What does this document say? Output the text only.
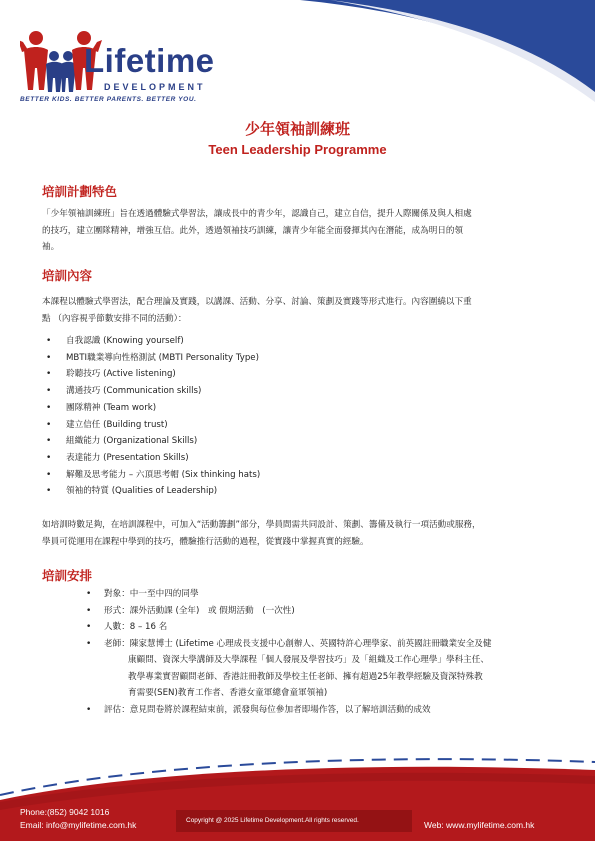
Lifetime
DEVELOPMENT
BETTER KIDS. BETTER PARENTS. BETTER YOU.
少年領袖訓練班
Teen Leadership Programme
培訓計劃特色
「少年領袖訓練班」旨在透過體驗式學習法，讓成長中的青少年，認識自己，建立自信，提升人際關係及與人相處
的技巧，建立團隊精神，增強互信。此外，透過領袖技巧訓練，讓青少年能全面發揮其內在潛能，成為明日的領
袖。
培訓內容
本課程以體驗式學習法，配合理論及實踐，以講課、活動、分享、討論、策劃及實踐等形式進行。內容圍繞以下重
點 （內容視乎節數安排不同的活動）：
• 自我認識 (Knowing yourself)
• MBTI職業導向性格測試 (MBTI Personality Type)
• 聆聽技巧 (Active listening)
• 溝通技巧 (Communication skills)
• 團隊精神 (Team work)
• 建立信任 (Building trust)
• 組織能力 (Organizational Skills)
• 表達能力 (Presentation Skills)
• 解難及思考能力 – 六頂思考帽 (Six thinking hats)
• 領袖的特質 (Qualities of Leadership)
如培訓時數足夠，在培訓課程中，可加入“活動籌劃”部分，學員間需共同設計、策劃、籌備及執行一項活動或服務，
學員可從運用在課程中學到的技巧，體驗推行活動的過程，從實踐中掌握真實的經驗。
培訓安排
• 對象：中一至中四的同學
• 形式：課外活動課 (全年)　或 假期活動　(一次性)
• 人數：8 – 16 名
• 老師：陳家慧博士 (Lifetime 心理成長支援中心創辦人、英國特許心理學家、前英國註冊職業安全及健
康顧問、資深大學講師及大學課程「個人發展及學習技巧」及「組織及工作心理學」學科主任、
教學專業實習顧問老師、香港註冊教師及學校主任老師、擁有超過25年教學經驗及資深特殊教
育需要(SEN)教育工作者、香港女童軍總會童軍領袖)
• 評估：意見問卷將於課程結束前，派發與每位參加者即場作答，以了解培訓活動的成效
Phone:(852) 9042 1016
Email: info@mylifetime.com.hk	Copyright @ 2025 Lifetime Development.All rights reserved.	Web: www.mylifetime.com.hk
